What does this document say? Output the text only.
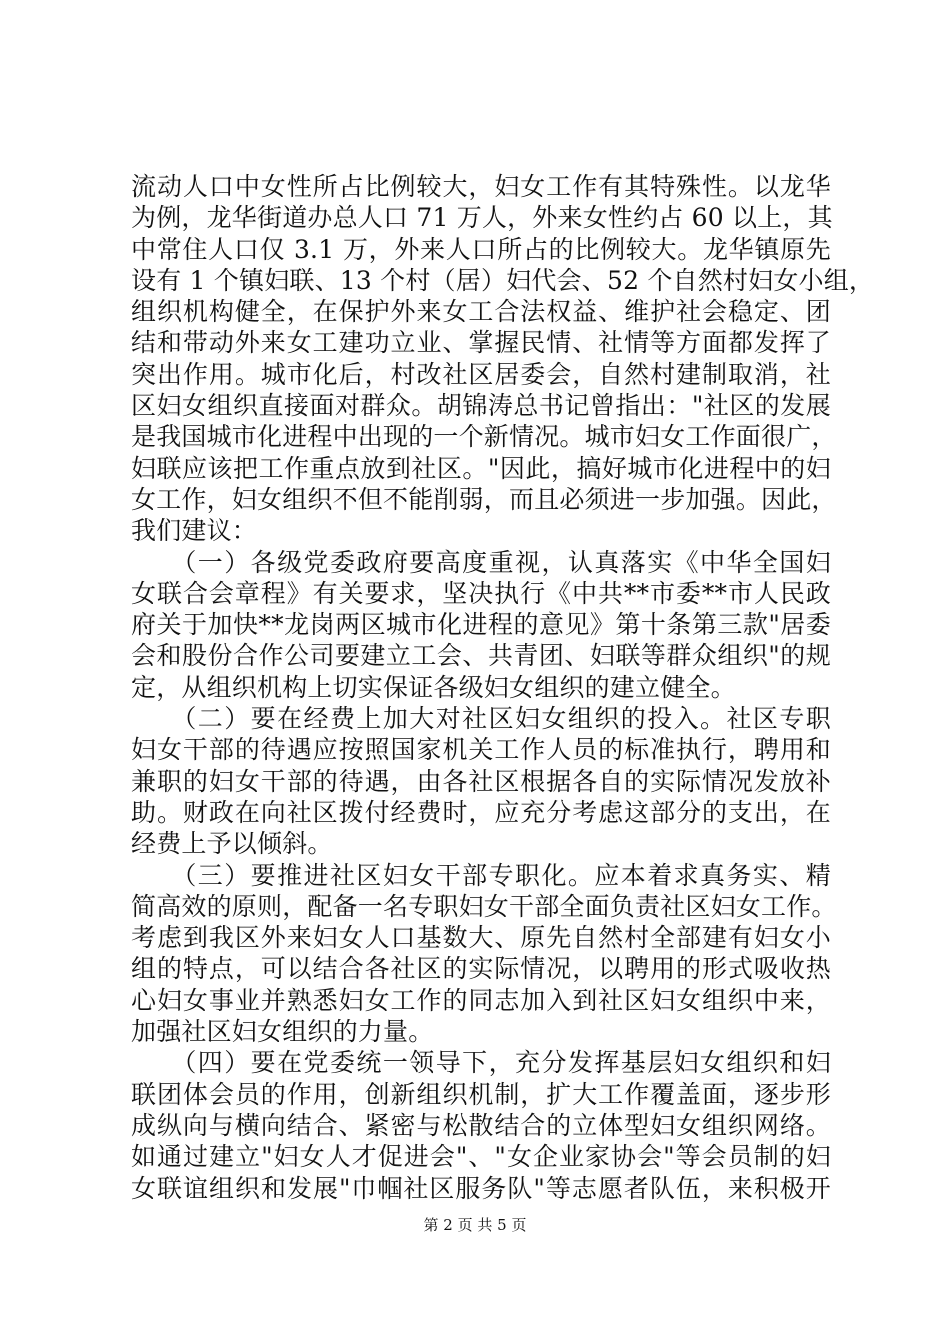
流动人口中女性所占比例较大，妇女工作有其特殊性。以龙华
为例，龙华街道办总人口 71 万人，外来女性约占 60 以上，其
中常住人口仅 3.1 万，外来人口所占的比例较大。龙华镇原先
设有 1 个镇妇联、13 个村（居）妇代会、52 个自然村妇女小组，
组织机构健全，在保护外来女工合法权益、维护社会稳定、团
结和带动外来女工建功立业、掌握民情、社情等方面都发挥了
突出作用。城市化后，村改社区居委会，自然村建制取消，社
区妇女组织直接面对群众。胡锦涛总书记曾指出："社区的发展
是我国城市化进程中出现的一个新情况。城市妇女工作面很广，
妇联应该把工作重点放到社区。"因此，搞好城市化进程中的妇
女工作，妇女组织不但不能削弱，而且必须进一步加强。因此，
我们建议：
　　（一）各级党委政府要高度重视，认真落实《中华全国妇
女联合会章程》有关要求，坚决执行《中共**市委**市人民政
府关于加快**龙岗两区城市化进程的意见》第十条第三款"居委
会和股份合作公司要建立工会、共青团、妇联等群众组织"的规
定，从组织机构上切实保证各级妇女组织的建立健全。
　　（二）要在经费上加大对社区妇女组织的投入。社区专职
妇女干部的待遇应按照国家机关工作人员的标准执行，聘用和
兼职的妇女干部的待遇，由各社区根据各自的实际情况发放补
助。财政在向社区拨付经费时，应充分考虑这部分的支出，在
经费上予以倾斜。
　　（三）要推进社区妇女干部专职化。应本着求真务实、精
简高效的原则，配备一名专职妇女干部全面负责社区妇女工作。
考虑到我区外来妇女人口基数大、原先自然村全部建有妇女小
组的特点，可以结合各社区的实际情况，以聘用的形式吸收热
心妇女事业并熟悉妇女工作的同志加入到社区妇女组织中来，
加强社区妇女组织的力量。
　　（四）要在党委统一领导下，充分发挥基层妇女组织和妇
联团体会员的作用，创新组织机制，扩大工作覆盖面，逐步形
成纵向与横向结合、紧密与松散结合的立体型妇女组织网络。
如通过建立"妇女人才促进会"、"女企业家协会"等会员制的妇
女联谊组织和发展"巾帼社区服务队"等志愿者队伍，来积极开
第 2 页 共 5 页
